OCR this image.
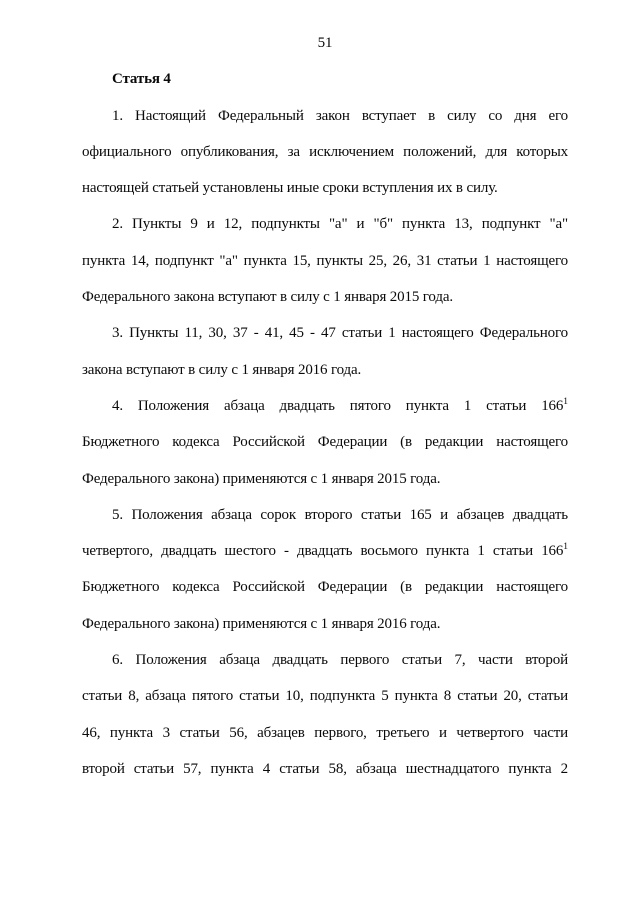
51

Статья 4

1. Настоящий Федеральный закон вступает в силу со дня его
официального опубликования, за исключением положений, для которых
настоящей статьей установлены иные сроки вступления их в силу.
2. Пункты 9 и 12, подпункты "а" и "б" пункта 13, подпункт "а"
пункта 14, подпункт "а" пункта 15, пункты 25, 26, 31 статьи 1 настоящего
Федерального закона вступают в силу с 1 января 2015 года.
3. Пункты 11, 30, 37 - 41, 45 - 47 статьи 1 настоящего Федерального
закона вступают в силу с 1 января 2016 года.
4. Положения абзаца двадцать пятого пункта 1 статьи $166^1$
Бюджетного кодекса Российской Федерации (в редакции настоящего
Федерального закона) применяются с 1 января 2015 года.
5. Положения абзаца сорок второго статьи 165 и абзацев двадцать
четвертого, двадцать шестого - двадцать восьмого пункта 1 статьи $166^1$
Бюджетного кодекса Российской Федерации (в редакции настоящего
Федерального закона) применяются с 1 января 2016 года.
6. Положения абзаца двадцать первого статьи 7, части второй
статьи 8, абзаца пятого статьи 10, подпункта 5 пункта 8 статьи 20, статьи
46, пункта 3 статьи 56, абзацев первого, третьего и четвертого части
второй статьи 57, пункта 4 статьи 58, абзаца шестнадцатого пункта 2
